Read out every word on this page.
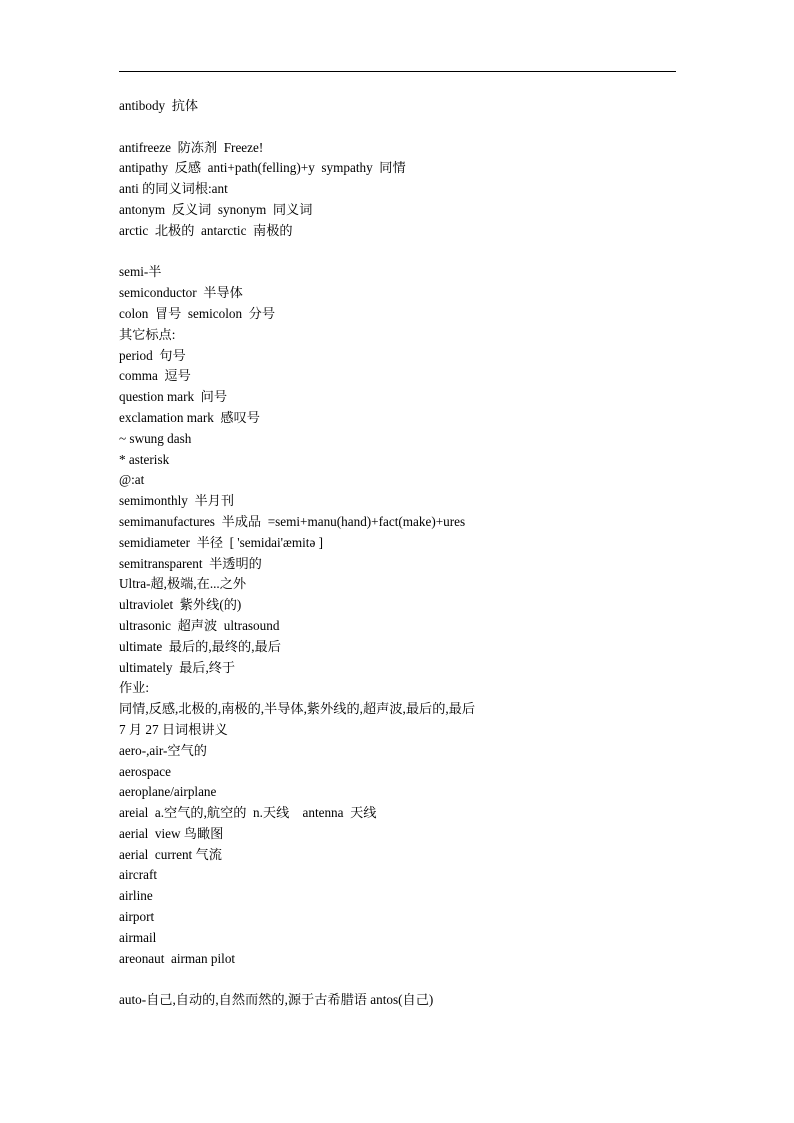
antibody  抗体
antifreeze  防冻剂  Freeze!
antipathy  反感  anti+path(felling)+y  sympathy  同情
anti 的同义词根:ant
antonym  反义词  synonym  同义词
arctic  北极的  antarctic  南极的
semi-半
semiconductor  半导体
colon  冒号  semicolon  分号
其它标点:
period  句号
comma  逗号
question mark  问号
exclamation mark  感叹号
~ swung dash
* asterisk
@:at
semimonthly  半月刊
semimanufactures  半成品  =semi+manu(hand)+fact(make)+ures
semidiameter  半径  [ 'semidai'æmitə ]
semitransparent  半透明的
Ultra-超,极端,在...之外
ultraviolet  紫外线(的)
ultrasonic  超声波  ultrasound
ultimate  最后的,最终的,最后
ultimately  最后,终于
作业:
同情,反感,北极的,南极的,半导体,紫外线的,超声波,最后的,最后
7 月 27 日词根讲义
aero-,air-空气的
aerospace
aeroplane/airplane
areial  a.空气的,航空的  n.天线    antenna  天线
aerial  view 鸟瞰图
aerial  current 气流
aircraft
airline
airport
airmail
areonaut  airman pilot
auto-自己,自动的,自然而然的,源于古希腊语 antos(自己)
